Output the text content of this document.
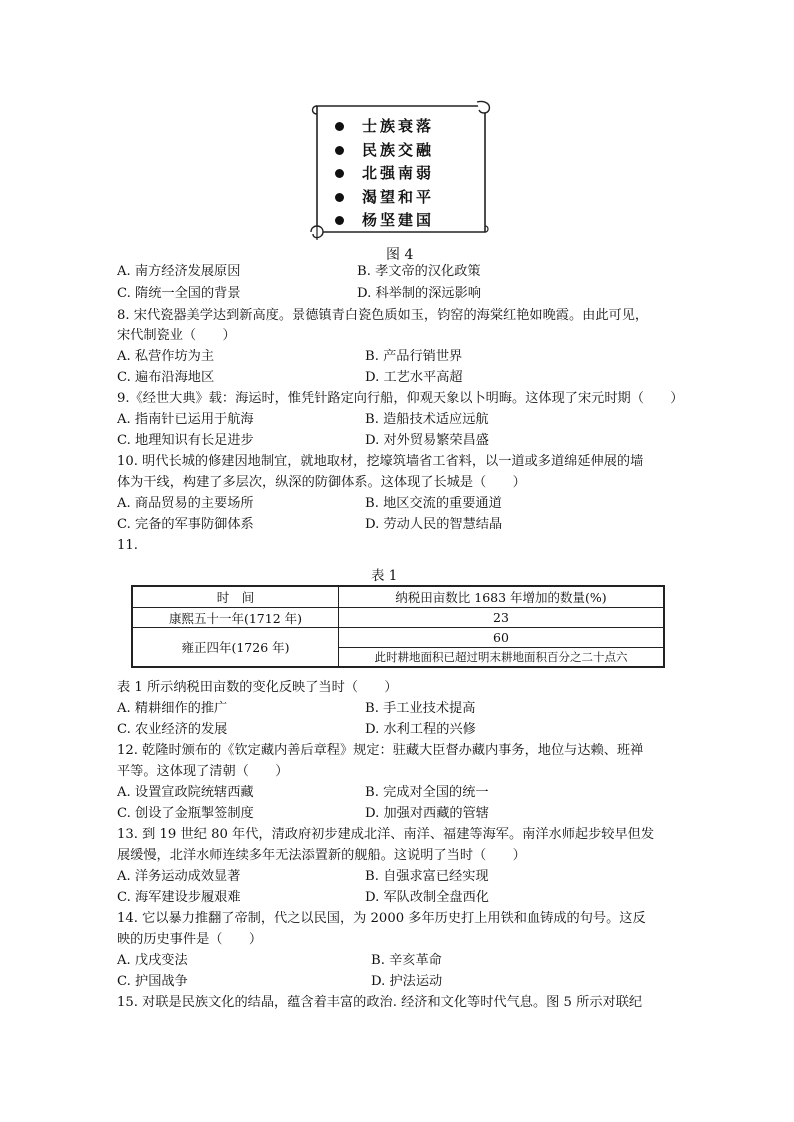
士族衰落
民族交融
北强南弱
渴望和平
杨坚建国
图 4
A. 南方经济发展原因	B. 孝文帝的汉化政策
C. 隋统一全国的背景	D. 科举制的深远影响
8. 宋代瓷器美学达到新高度。景德镇青白瓷色质如玉，钧窑的海棠红艳如晚霞。由此可见，
宋代制瓷业（　　）
A. 私营作坊为主	B. 产品行销世界
C. 遍布沿海地区	D. 工艺水平高超
9.《经世大典》载：海运时，惟凭针路定向行船，仰观天象以卜明晦。这体现了宋元时期（　　）
A. 指南针已运用于航海	B. 造船技术适应远航
C. 地理知识有长足进步	D. 对外贸易繁荣昌盛
10. 明代长城的修建因地制宜，就地取材，挖壕筑墙省工省料，以一道或多道绵延伸展的墙
体为干线，构建了多层次，纵深的防御体系。这体现了长城是（　　）
A. 商品贸易的主要场所	B. 地区交流的重要通道
C. 完备的军事防御体系	D. 劳动人民的智慧结晶
11.
表 1
时　间	纳税田亩数比 1683 年增加的数量(%)
康熙五十一年(1712 年)	23
雍正四年(1726 年)	60
	此时耕地面积已超过明末耕地面积百分之二十点六
表 1 所示纳税田亩数的变化反映了当时（　　）
A. 精耕细作的推广	B. 手工业技术提高
C. 农业经济的发展	D. 水利工程的兴修
12. 乾隆时颁布的《钦定藏内善后章程》规定：驻藏大臣督办藏内事务，地位与达赖、班禅
平等。这体现了清朝（　　）
A. 设置宣政院统辖西藏	B. 完成对全国的统一
C. 创设了金瓶掣签制度	D. 加强对西藏的管辖
13. 到 19 世纪 80 年代，清政府初步建成北洋、南洋、福建等海军。南洋水师起步较早但发
展缓慢，北洋水师连续多年无法添置新的舰船。这说明了当时（　　）
A. 洋务运动成效显著	B. 自强求富已经实现
C. 海军建设步履艰难	D. 军队改制全盘西化
14. 它以暴力推翻了帝制，代之以民国，为 2000 多年历史打上用铁和血铸成的句号。这反
映的历史事件是（　　）
A. 戊戌变法	B. 辛亥革命
C. 护国战争	D. 护法运动
15. 对联是民族文化的结晶，蕴含着丰富的政治. 经济和文化等时代气息。图 5 所示对联纪
